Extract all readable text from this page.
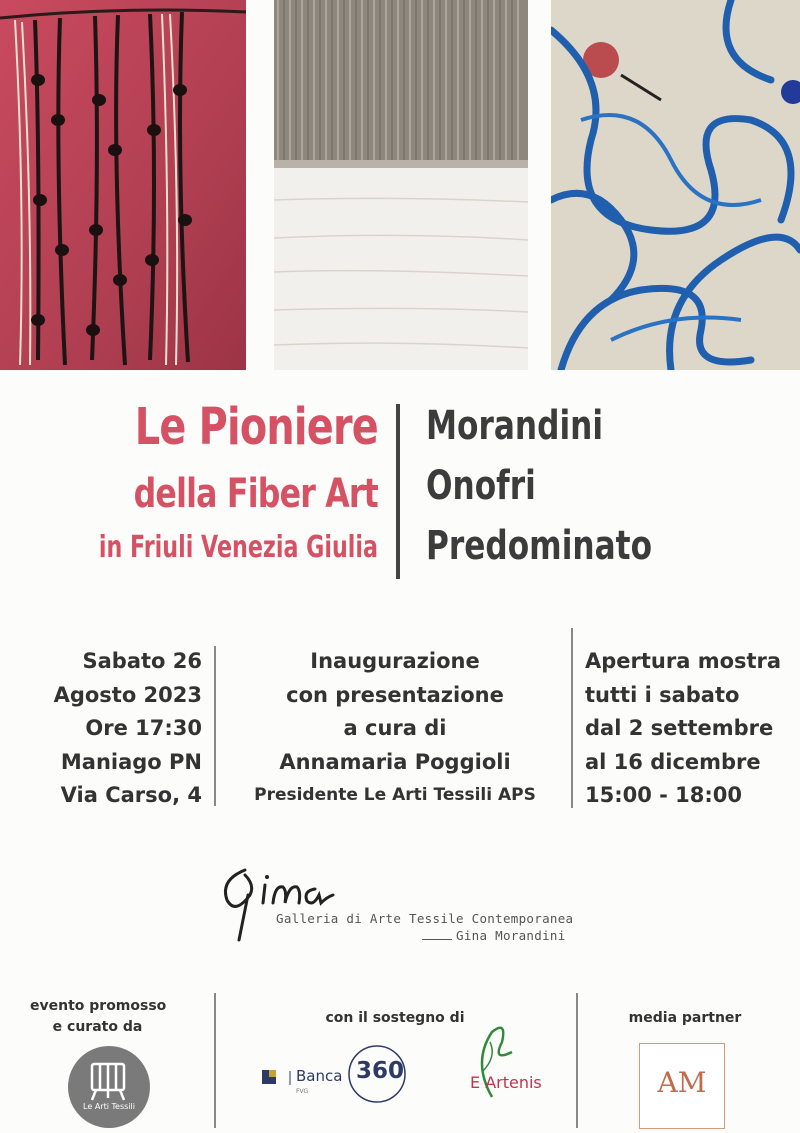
Le Pioniere
della Fiber Art
in Friuli Venezia Giulia
Morandini
Onofri
Predominato
Sabato 26
Agosto 2023
Ore 17:30
Maniago PN
Via Carso, 4
Inaugurazione
con presentazione
a cura di
Annamaria Poggioli
Presidente Le Arti Tessili APS
Apertura mostra
tutti i sabato
dal 2 settembre
al 16 dicembre
15:00 - 18:00
Galleria di Arte Tessile Contemporanea
Gina Morandini
evento promosso
e curato da
con il sostegno di	media partner
Le Arti Tessili
Banca 360
FVG	E Artenis	AM
